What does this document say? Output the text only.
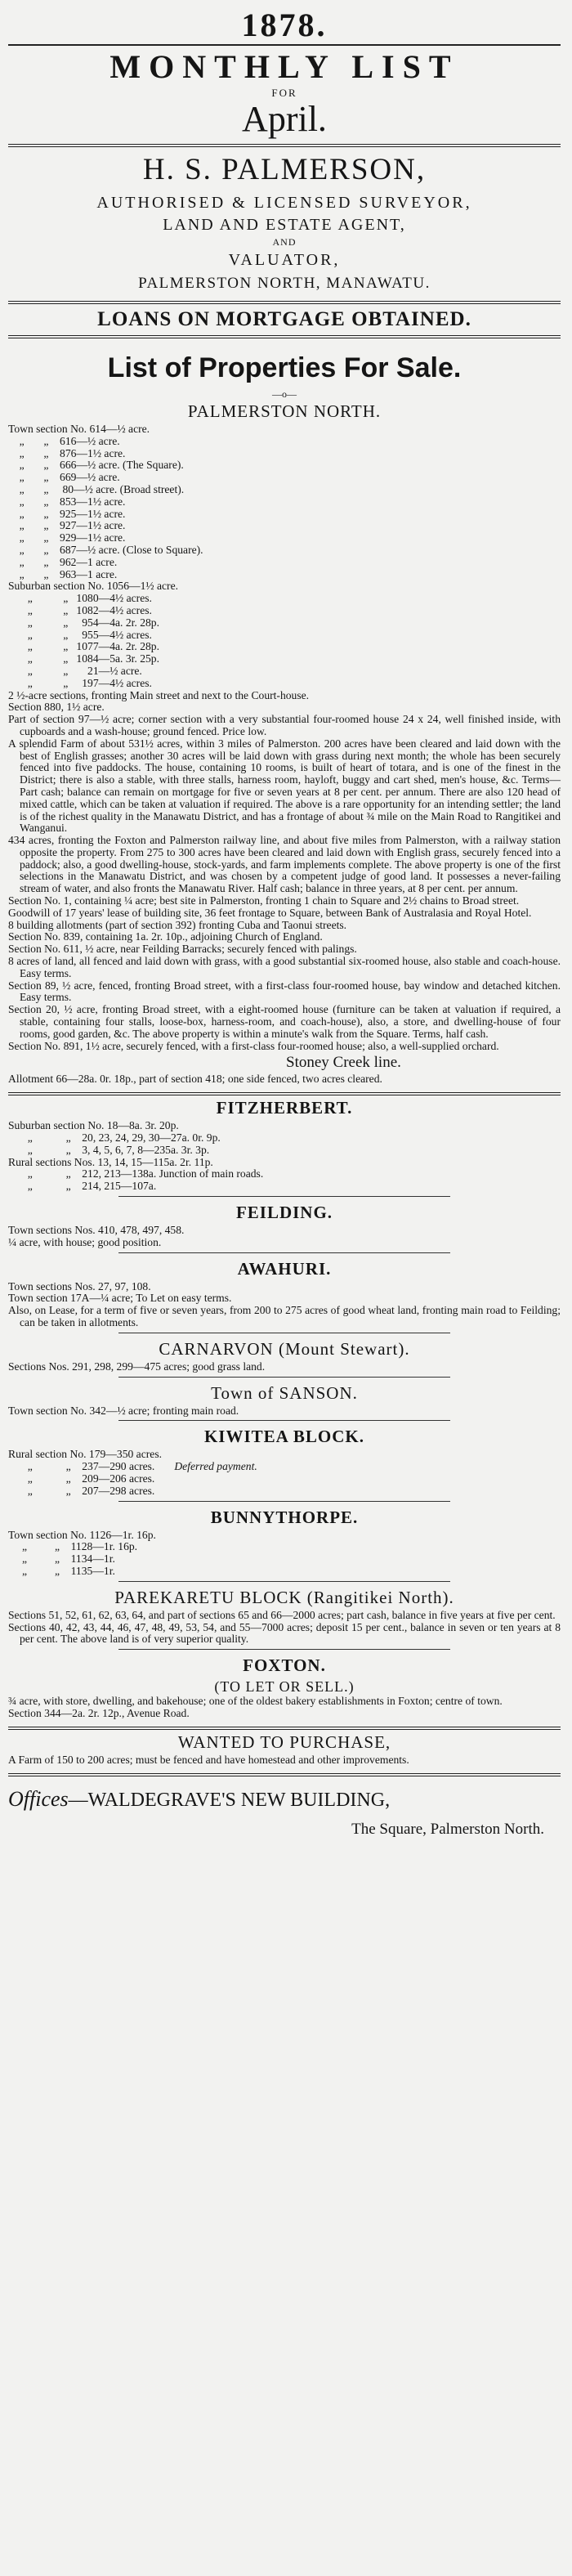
1878.
MONTHLY LIST
FOR
April.
H. S. PALMERSON,
AUTHORISED & LICENSED SURVEYOR,
LAND AND ESTATE AGENT,
AND
VALUATOR,
PALMERSTON NORTH, MANAWATU.
LOANS ON MORTGAGE OBTAINED.
List of Properties For Sale.
—o—
PALMERSTON NORTH.
Town section No. 614—½ acre.
„       „    616—½ acre.
„       „    876—1½ acre.
„       „    666—½ acre. (The Square).
„       „    669—½ acre.
„       „     80—½ acre. (Broad street).
„       „    853—1½ acre.
„       „    925—1½ acre.
„       „    927—1½ acre.
„       „    929—1½ acre.
„       „    687—½ acre. (Close to Square).
„       „    962—1 acre.
„       „    963—1 acre.
Suburban section No. 1056—1½ acre.
„           „   1080—4½ acres.
„           „   1082—4½ acres.
„           „     954—4a. 2r. 28p.
„           „     955—4½ acres.
„           „   1077—4a. 2r. 28p.
„           „   1084—5a. 3r. 25p.
„           „       21—½ acre.
„           „     197—4½ acres.
2 ½-acre sections, fronting Main street and next to the Court-house.
Section 880, 1½ acre.
Part of section 97—½ acre; corner section with a very substantial four-roomed house 24 x 24, well finished inside, with cupboards and a wash-house; ground fenced. Price low.
A splendid Farm of about 531½ acres, within 3 miles of Palmerston. 200 acres have been cleared and laid down with the best of English grasses; another 30 acres will be laid down with grass during next month; the whole has been securely fenced into five paddocks. The house, containing 10 rooms, is built of heart of totara, and is one of the finest in the District; there is also a stable, with three stalls, harness room, hayloft, buggy and cart shed, men's house, &c. Terms—Part cash; balance can remain on mortgage for five or seven years at 8 per cent. per annum. There are also 120 head of mixed cattle, which can be taken at valuation if required. The above is a rare opportunity for an intending settler; the land is of the richest quality in the Manawatu District, and has a frontage of about ¾ mile on the Main Road to Rangitikei and Wanganui.
434 acres, fronting the Foxton and Palmerston railway line, and about five miles from Palmerston, with a railway station opposite the property. From 275 to 300 acres have been cleared and laid down with English grass, securely fenced into a paddock; also, a good dwelling-house, stock-yards, and farm implements complete. The above property is one of the first selections in the Manawatu District, and was chosen by a competent judge of good land. It possesses a never-failing stream of water, and also fronts the Manawatu River. Half cash; balance in three years, at 8 per cent. per annum.
Section No. 1, containing ¼ acre; best site in Palmerston, fronting 1 chain to Square and 2½ chains to Broad street.
Goodwill of 17 years' lease of building site, 36 feet frontage to Square, between Bank of Australasia and Royal Hotel.
8 building allotments (part of section 392) fronting Cuba and Taonui streets.
Section No. 839, containing 1a. 2r. 10p., adjoining Church of England.
Section No. 611, ½ acre, near Feilding Barracks; securely fenced with palings.
8 acres of land, all fenced and laid down with grass, with a good substantial six-roomed house, also stable and coach-house. Easy terms.
Section 89, ½ acre, fenced, fronting Broad street, with a first-class four-roomed house, bay window and detached kitchen. Easy terms.
Section 20, ½ acre, fronting Broad street, with a eight-roomed house (furniture can be taken at valuation if required, a stable, containing four stalls, loose-box, harness-room, and coach-house), also, a store, and dwelling-house of four rooms, good garden, &c. The above property is within a minute's walk from the Square. Terms, half cash.
Section No. 891, 1½ acre, securely fenced, with a first-class four-roomed house; also, a well-supplied orchard.
Stoney Creek line.
Allotment 66—28a. 0r. 18p., part of section 418; one side fenced, two acres cleared.
FITZHERBERT.
Suburban section No. 18—8a. 3r. 20p.
„            „    20, 23, 24, 29, 30—27a. 0r. 9p.
„            „    3, 4, 5, 6, 7, 8—235a. 3r. 3p.
Rural sections Nos. 13, 14, 15—115a. 2r. 11p.
„            „    212, 213—138a. Junction of main roads.
„            „    214, 215—107a.
FEILDING.
Town sections Nos. 410, 478, 497, 458.
¼ acre, with house; good position.
AWAHURI.
Town sections Nos. 27, 97, 108.
Town section 17A—¼ acre; To Let on easy terms.
Also, on Lease, for a term of five or seven years, from 200 to 275 acres of good wheat land, fronting main road to Feilding; can be taken in allotments.
CARNARVON (Mount Stewart).
Sections Nos. 291, 298, 299—475 acres; good grass land.
Town of SANSON.
Town section No. 342—½ acre; fronting main road.
KIWITEA BLOCK.
Rural section No. 179—350 acres.
„            „    237—290 acres. Deferred payment.
„            „    209—206 acres.
„            „    207—298 acres.
BUNNYTHORPE.
Town section No. 1126—1r. 16p.
„          „    1128—1r. 16p.
„          „    1134—1r.
„          „    1135—1r.
PAREKARETU BLOCK (Rangitikei North).
Sections 51, 52, 61, 62, 63, 64, and part of sections 65 and 66—2000 acres; part cash, balance in five years at five per cent.
Sections 40, 42, 43, 44, 46, 47, 48, 49, 53, 54, and 55—7000 acres; deposit 15 per cent., balance in seven or ten years at 8 per cent. The above land is of very superior quality.
FOXTON.
(TO LET OR SELL.)
¾ acre, with store, dwelling, and bakehouse; one of the oldest bakery establishments in Foxton; centre of town.
Section 344—2a. 2r. 12p., Avenue Road.
WANTED TO PURCHASE,
A Farm of 150 to 200 acres; must be fenced and have homestead and other improvements.
Offices—WALDEGRAVE'S NEW BUILDING,
The Square, Palmerston North.
